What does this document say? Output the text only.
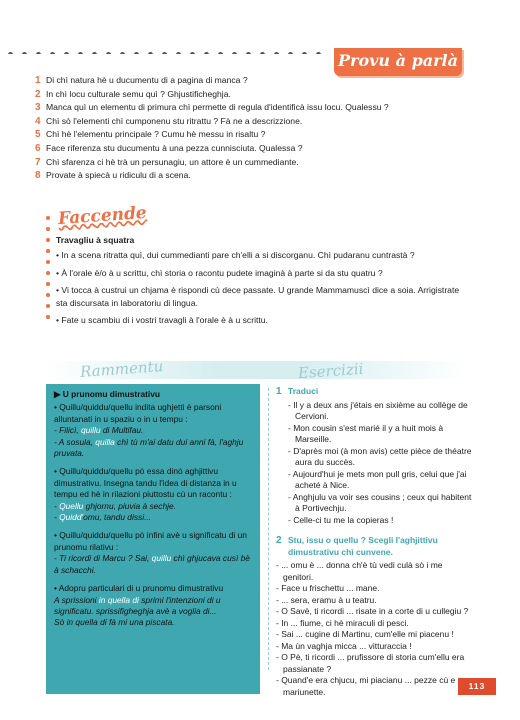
Provu à parlà
1 Di chì natura hè u ducumentu di a pagina di manca ?
2 In chì locu culturale semu quì ? Ghjustificheghja.
3 Manca quì un elementu di primura chì permette di regula d'identificà issu locu. Qualessu ?
4 Chì sò l'elementi chì cumponenu stu ritrattu ? Fà ne a descrizzione.
5 Chì hè l'elementu principale ? Cumu hè messu in risaltu ?
6 Face riferenza stu ducumentu à una pezza cunnisciuta. Qualessa ?
7 Chì sfarenza ci hè trà un persunagiu, un attore è un cummediante.
8 Provate à spiecà u ridiculu di a scena.
Faccende
Travagliu à squatra
• In a scena ritratta quì, dui cummedianti pare ch'elli a si discorganu. Chì pudaranu cuntrastà ?
• À l'orale è/o à u scrittu, chì storia o racontu pudete imaginà à parte si da stu quatru ?
• Vi tocca à custrui un chjama è rispondi cù dece passate. U grande Mammamuscì dice a soia. Arrigistrate sta discursata in laboratoriu di lingua.
• Fate u scambiu di i vostri travagli à l'orale è à u scrittu.
Rammentu	Esercizii
▶ U prunomu dimustrativu

• Quillu/quiddu/quellu indita ughjetti è parsoni alluntanati in u spaziu o in u tempu :

- Filicì, quillu di Multifau.

- A sosula, quilla chì tù m'ai datu dui anni fà, l'aghju pruvata.

• Quillu/quiddu/quellu pò essa dinò aghjittivu dimustrativu. Insegna tandu l'idea di distanza in u tempu ed hè in rilazioni piuttostu cù un racontu :

- Quellu ghjornu, piuvia à sechje.

- Quidd'omu, tandu dissi...

• Quillu/quiddu/quellu pò infini avè u significatu di un prunomu rilativu :

- Ti ricordi di Marcu ? Sai, quillu chì ghjucava cusì bè à schacchi.

• Adopru particulari di u prunomu dimustrativu

A sprissioni in quella di sprimi l'intenzioni di u significatu. sprissifigheghja avè a voglia di...

Sò in quella di fà mi una piscata.

1 Traduci
- Il y a deux ans j'étais en sixième au collège de Cervioni.
- Mon cousin s'est marié il y a huit mois à Marseille.
- D'après moi (à mon avis) cette pièce de théatre aura du succès.
- Aujourd'hui je mets mon pull gris, celui que j'ai acheté à Nice.
- Anghjulu va voir ses cousins ; ceux qui habitent à Portivechju.
- Celle-ci tu me la copieras !
2 Stu, issu o quellu ? Scegli l'aghjittivu dimustrativu chì cunvene.
- ... omu è ... donna ch'è tù vedi culà sò i me genitori.
- Face u frischettu ... mane.
- ... sera, eramu à u teatru.
- O Savè, ti ricordi ... risate in a corte di u cullegiu ?
- In ... fiume, ci hè miraculi di pesci.
- Sai ... cugine di Martinu, cum'elle mi piacenu !
- Ma ùn vaghja micca ... vitturaccia !
- O Pè, ti ricordi ... prufissore di storia cum'ellu era passianate ?
- Quand'e era chjucu, mi piacianu ... pezze cù e mariunette.
113
